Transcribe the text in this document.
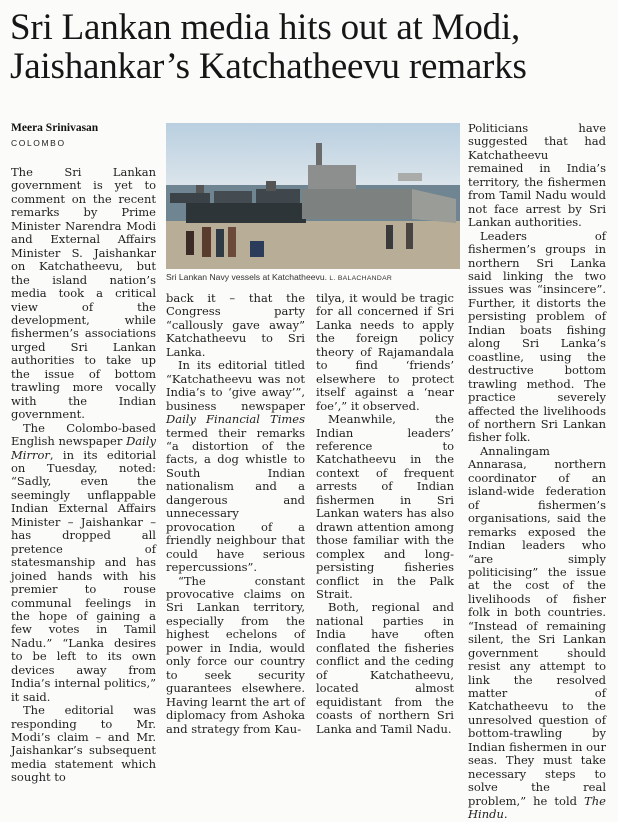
Sri Lankan media hits out at Modi,
Jaishankar’s Katchatheevu remarks
Meera Srinivasan
COLOMBO

The Sri Lankan government is yet to comment on the recent remarks by Prime Minister Narendra Modi and External Affairs Minister S. Jaishankar on Katchatheevu, but the island nation’s media took a critical view of the development, while fishermen’s associations urged Sri Lankan authorities to take up the issue of bottom trawling more vocally with the Indian government.

The Colombo-based English newspaper Daily Mirror, in its editorial on Tuesday, noted: “Sadly, even the seemingly unflappable Indian External Affairs Minister – Jaishankar – has dropped all pretence of statesmanship and has joined hands with his premier to rouse communal feelings in the hope of gaining a few votes in Tamil Nadu.” “Lanka desires to be left to its own devices away from India’s internal politics,” it said.

The editorial was responding to Mr. Modi’s claim – and Mr. Jaishankar’s subsequent media statement which sought to

Sri Lankan Navy vessels at Katchatheevu. L. BALACHANDAR

back it – that the Congress party “callously gave away” Katchatheevu to Sri Lanka.

In its editorial titled “Katchatheevu was not India’s to ‘give away’”, business newspaper Daily Financial Times termed their remarks “a distortion of the facts, a dog whistle to South Indian nationalism and a dangerous and unnecessary provocation of a friendly neighbour that could have serious repercussions”.

“The constant provocative claims on Sri Lankan territory, especially from the highest echelons of power in India, would only force our country to seek security guarantees elsewhere. Having learnt the art of diplomacy from Ashoka and strategy from Kau-

tilya, it would be tragic for all concerned if Sri Lanka needs to apply the foreign policy theory of Rajamandala to find ‘friends’ elsewhere to protect itself against a ‘near foe’,” it observed.

Meanwhile, the Indian leaders’ reference to Katchatheevu in the context of frequent arrests of Indian fishermen in Sri Lankan waters has also drawn attention among those familiar with the complex and long-persisting fisheries conflict in the Palk Strait.

Both, regional and national parties in India have often conflated the fisheries conflict and the ceding of Katchatheevu, located almost equidistant from the coasts of northern Sri Lanka and Tamil Nadu.

Politicians have suggested that had Katchatheevu remained in India’s territory, the fishermen from Tamil Nadu would not face arrest by Sri Lankan authorities.

Leaders of fishermen’s groups in northern Sri Lanka said linking the two issues was “insincere”. Further, it distorts the persisting problem of Indian boats fishing along Sri Lanka’s coastline, using the destructive bottom trawling method. The practice severely affected the livelihoods of northern Sri Lankan fisher folk.

Annalingam Annarasa, northern coordinator of an island-wide federation of fishermen’s organisations, said the remarks exposed the Indian leaders who “are simply politicising” the issue at the cost of the livelihoods of fisher folk in both countries. “Instead of remaining silent, the Sri Lankan government should resist any attempt to link the resolved matter of Katchatheevu to the unresolved question of bottom-trawling by Indian fishermen in our seas. They must take necessary steps to solve the real problem,” he told The Hindu.
